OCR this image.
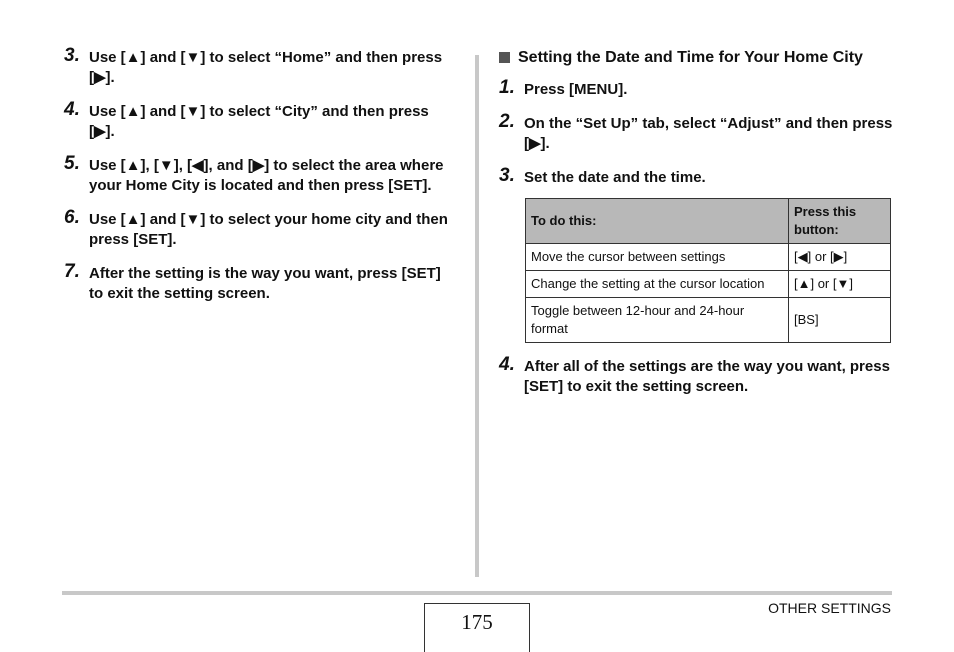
3. Use [▲] and [▼] to select “Home” and then press [▶].
4. Use [▲] and [▼] to select “City” and then press [▶].
5. Use [▲], [▼], [◀], and [▶] to select the area where your Home City is located and then press [SET].
6. Use [▲] and [▼] to select your home city and then press [SET].
7. After the setting is the way you want, press [SET] to exit the setting screen.
Setting the Date and Time for Your Home City
1. Press [MENU].
2. On the “Set Up” tab, select “Adjust” and then press [▶].
3. Set the date and the time.
To do this:	Press this button:
Move the cursor between settings	[◀] or [▶]
Change the setting at the cursor location	[▲] or [▼]
Toggle between 12-hour and 24-hour format	[BS]
4. After all of the settings are the way you want, press [SET] to exit the setting screen.
175
OTHER SETTINGS
